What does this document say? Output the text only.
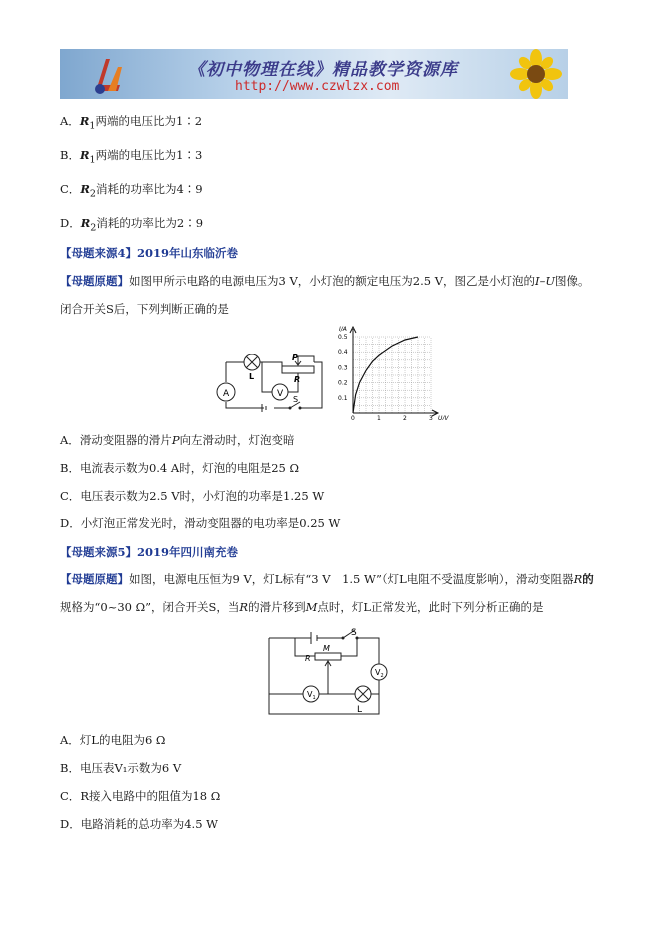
《初中物理在线》精品教学资源库
http://www.czwlzx.com
A．$R_1$两端的电压比为1∶2
B．$R_1$两端的电压比为1∶3
C．$R_2$消耗的功率比为4∶9
D．$R_2$消耗的功率比为2∶9
【母题来源4】2019年山东临沂卷
【母题原题】如图甲所示电路的电源电压为3 V，小灯泡的额定电压为2.5 V，图乙是小灯泡的I–U图像。
闭合开关S后，下列判断正确的是
A
L
V
P
R
S
I/A
U/V
0	1	2	3
0.1
0.2
0.3
0.4
0.5
A．滑动变阻器的滑片P向左滑动时，灯泡变暗
B．电流表示数为0.4 A时，灯泡的电阻是25 Ω
C．电压表示数为2.5 V时，小灯泡的功率是1.25 W
D．小灯泡正常发光时，滑动变阻器的电功率是0.25 W
【母题来源5】2019年四川南充卷
【母题原题】如图，电源电压恒为9 V，灯L标有“3 V　1.5 W”（灯L电阻不受温度影响），滑动变阻器R的
规格为“0~30 Ω”，闭合开关S，当R的滑片移到M点时，灯L正常发光，此时下列分析正确的是
S
M
R
$V_2$
$V_1$
L
A．灯L的电阻为6 Ω
B．电压表V₁示数为6 V
C．R接入电路中的阻值为18 Ω
D．电路消耗的总功率为4.5 W
